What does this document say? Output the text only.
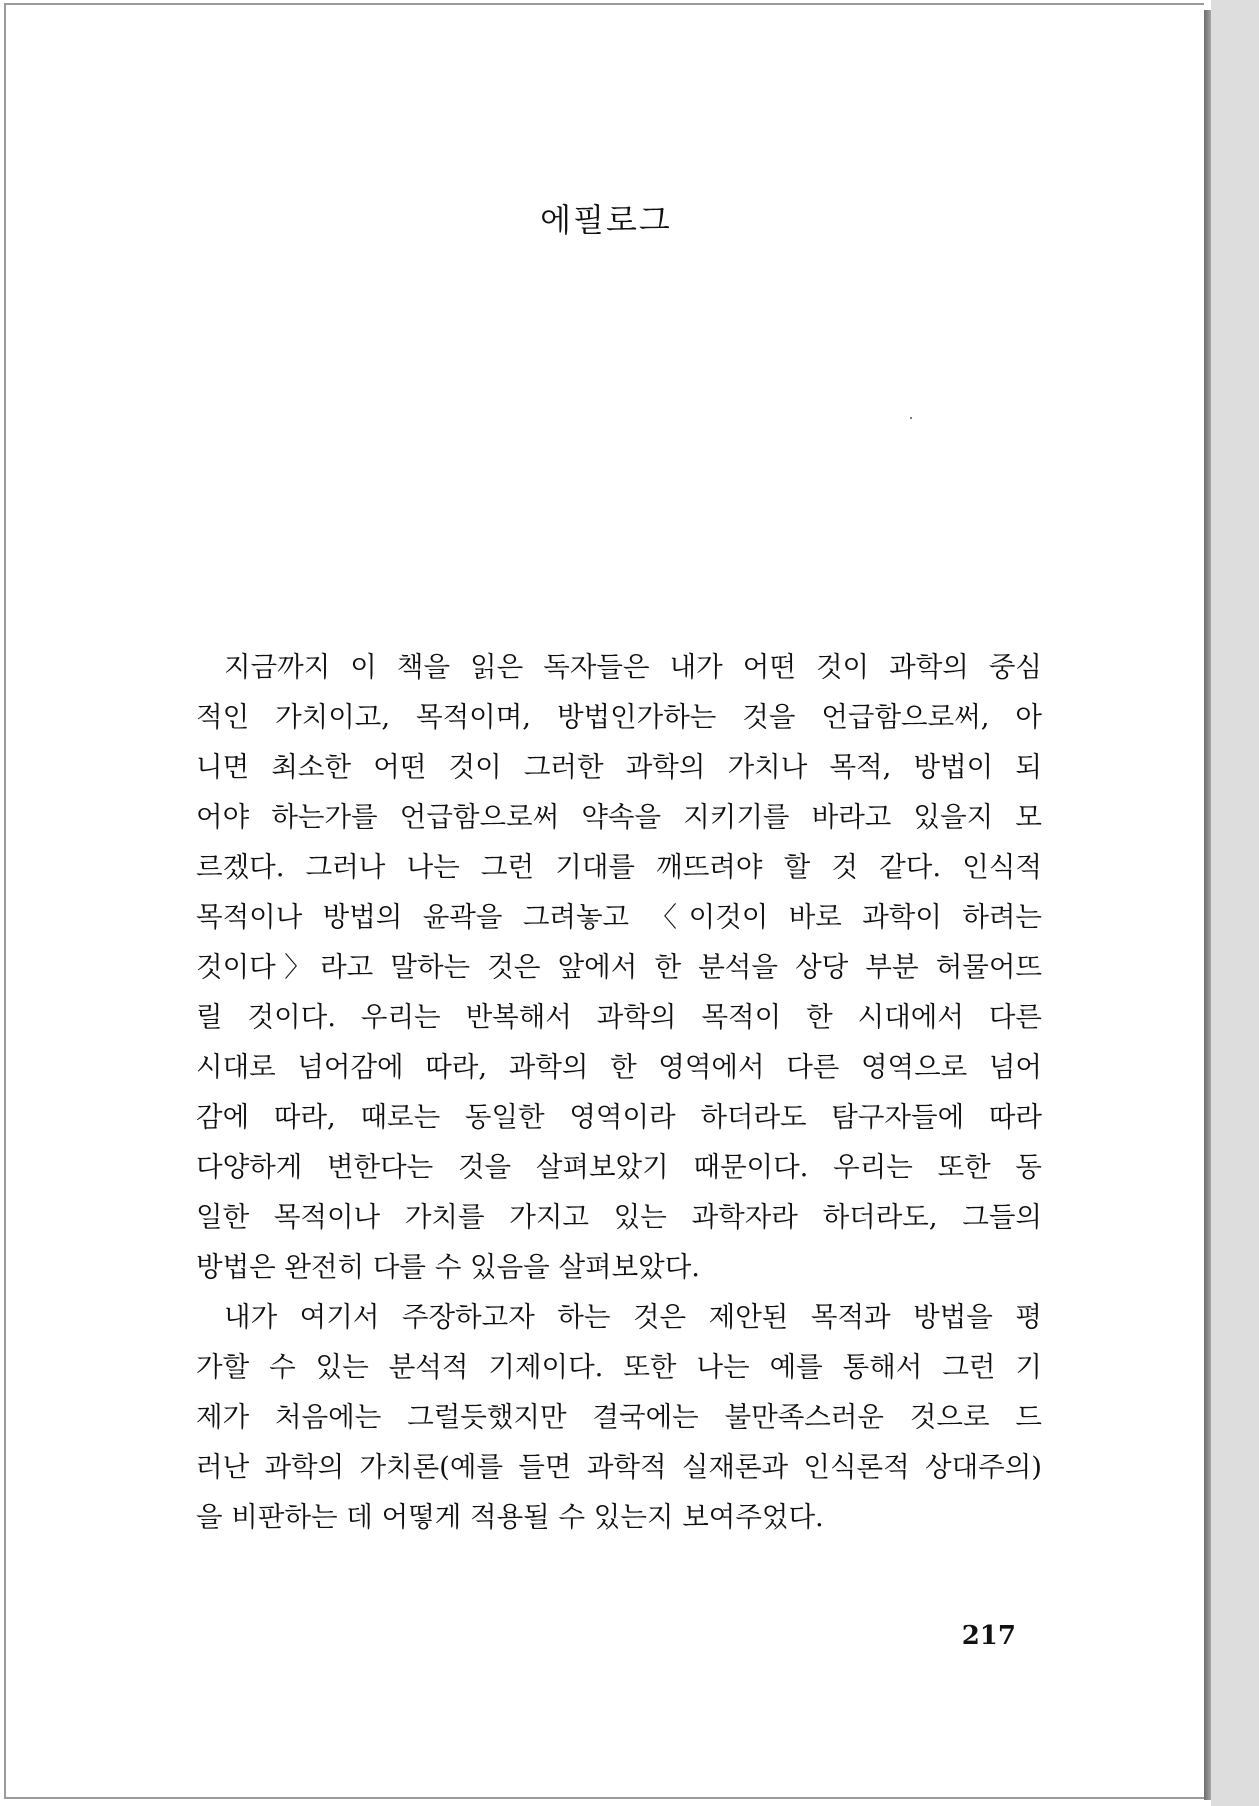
에필로그
지금까지 이 책을 읽은 독자들은 내가 어떤 것이 과학의 중심
적인 가치이고, 목적이며, 방법인가하는 것을 언급함으로써, 아
니면 최소한 어떤 것이 그러한 과학의 가치나 목적, 방법이 되
어야 하는가를 언급함으로써 약속을 지키기를 바라고 있을지 모
르겠다. 그러나 나는 그런 기대를 깨뜨려야 할 것 같다. 인식적
목적이나 방법의 윤곽을 그려놓고 〈이것이 바로 과학이 하려는
것이다〉라고 말하는 것은 앞에서 한 분석을 상당 부분 허물어뜨
릴 것이다. 우리는 반복해서 과학의 목적이 한 시대에서 다른
시대로 넘어감에 따라, 과학의 한 영역에서 다른 영역으로 넘어
감에 따라, 때로는 동일한 영역이라 하더라도 탐구자들에 따라
다양하게 변한다는 것을 살펴보았기 때문이다. 우리는 또한 동
일한 목적이나 가치를 가지고 있는 과학자라 하더라도, 그들의
방법은 완전히 다를 수 있음을 살펴보았다.
내가 여기서 주장하고자 하는 것은 제안된 목적과 방법을 평
가할 수 있는 분석적 기제이다. 또한 나는 예를 통해서 그런 기
제가 처음에는 그럴듯했지만 결국에는 불만족스러운 것으로 드
러난 과학의 가치론(예를 들면 과학적 실재론과 인식론적 상대주의)
을 비판하는 데 어떻게 적용될 수 있는지 보여주었다.
217
